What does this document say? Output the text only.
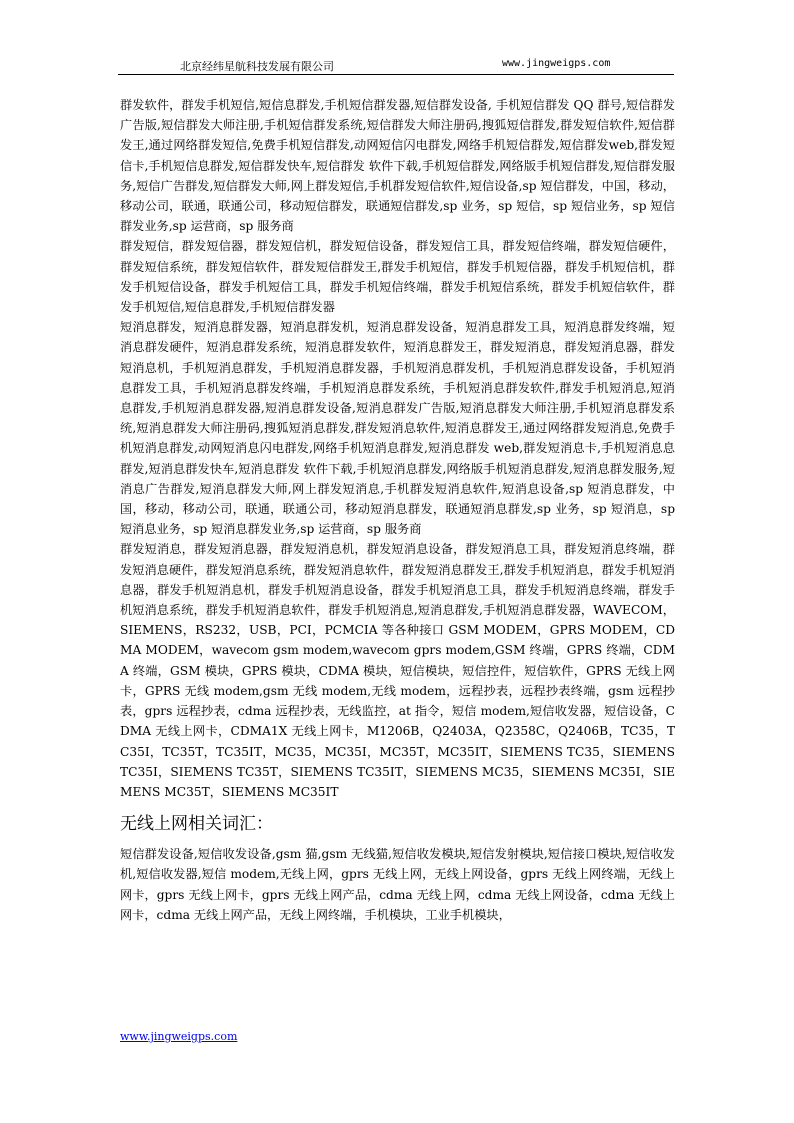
北京经纬星航科技发展有限公司	www.jingweigps.com

群发软件，群发手机短信,短信息群发,手机短信群发器,短信群发设备, 手机短信群发 QQ 群号,短信群发广告版,短信群发大师注册,手机短信群发系统,短信群发大师注册码,搜狐短信群发,群发短信软件,短信群发王,通过网络群发短信,免费手机短信群发,动网短信闪电群发,网络手机短信群发,短信群发web,群发短信卡,手机短信息群发,短信群发快车,短信群发 软件下载,手机短信群发,网络版手机短信群发,短信群发服务,短信广告群发,短信群发大师,网上群发短信,手机群发短信软件,短信设备,sp 短信群发，中国，移动，移动公司，联通，联通公司，移动短信群发，联通短信群发,sp 业务，sp 短信，sp 短信业务，sp 短信群发业务,sp 运营商，sp 服务商

群发短信，群发短信器，群发短信机，群发短信设备，群发短信工具，群发短信终端，群发短信硬件，群发短信系统，群发短信软件，群发短信群发王,群发手机短信，群发手机短信器，群发手机短信机，群发手机短信设备，群发手机短信工具，群发手机短信终端，群发手机短信系统，群发手机短信软件，群发手机短信,短信息群发,手机短信群发器

短消息群发，短消息群发器，短消息群发机，短消息群发设备，短消息群发工具，短消息群发终端，短消息群发硬件，短消息群发系统，短消息群发软件，短消息群发王，群发短消息，群发短消息器，群发短消息机，手机短消息群发，手机短消息群发器，手机短消息群发机，手机短消息群发设备，手机短消息群发工具，手机短消息群发终端，手机短消息群发系统，手机短消息群发软件,群发手机短消息,短消息群发,手机短消息群发器,短消息群发设备,短消息群发广告版,短消息群发大师注册,手机短消息群发系统,短消息群发大师注册码,搜狐短消息群发,群发短消息软件,短消息群发王,通过网络群发短消息,免费手机短消息群发,动网短消息闪电群发,网络手机短消息群发,短消息群发 web,群发短消息卡,手机短消息息群发,短消息群发快车,短消息群发 软件下载,手机短消息群发,网络版手机短消息群发,短消息群发服务,短消息广告群发,短消息群发大师,网上群发短消息,手机群发短消息软件,短消息设备,sp 短消息群发，中国，移动，移动公司，联通，联通公司，移动短消息群发，联通短消息群发,sp 业务，sp 短消息，sp 短消息业务，sp 短消息群发业务,sp 运营商，sp 服务商

群发短消息，群发短消息器，群发短消息机，群发短消息设备，群发短消息工具，群发短消息终端，群发短消息硬件，群发短消息系统，群发短消息软件，群发短消息群发王,群发手机短消息，群发手机短消息器，群发手机短消息机，群发手机短消息设备，群发手机短消息工具，群发手机短消息终端，群发手机短消息系统，群发手机短消息软件，群发手机短消息,短消息群发,手机短消息群发器，WAVECOM，SIEMENS，RS232，USB，PCI，PCMCIA 等各种接口 GSM MODEM，GPRS MODEM，CDMA MODEM，wavecom gsm modem,wavecom gprs modem,GSM 终端，GPRS 终端，CDMA 终端，GSM 模块，GPRS 模块，CDMA 模块，短信模块，短信控件，短信软件，GPRS 无线上网卡，GPRS 无线 modem,gsm 无线 modem,无线 modem，远程抄表，远程抄表终端，gsm 远程抄表，gprs 远程抄表，cdma 远程抄表，无线监控，at 指令，短信 modem,短信收发器，短信设备，CDMA 无线上网卡，CDMA1X 无线上网卡，M1206B，Q2403A，Q2358C，Q2406B，TC35，TC35I，TC35T，TC35IT，MC35，MC35I，MC35T，MC35IT，SIEMENS TC35，SIEMENS TC35I，SIEMENS TC35T，SIEMENS TC35IT，SIEMENS MC35，SIEMENS MC35I，SIEMENS MC35T，SIEMENS MC35IT

无线上网相关词汇：

短信群发设备,短信收发设备,gsm 猫,gsm 无线猫,短信收发模块,短信发射模块,短信接口模块,短信收发机,短信收发器,短信 modem,无线上网，gprs 无线上网，无线上网设备，gprs 无线上网终端，无线上网卡，gprs 无线上网卡，gprs 无线上网产品，cdma 无线上网，cdma 无线上网设备，cdma 无线上网卡，cdma 无线上网产品，无线上网终端，手机模块，工业手机模块，

www.jingweigps.com
